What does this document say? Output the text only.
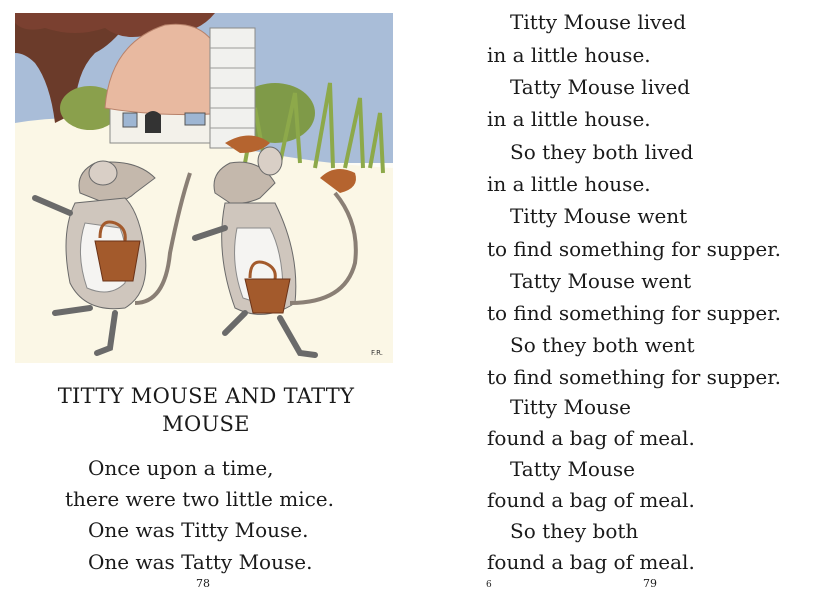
F.R.
TITTY MOUSE AND TATTY
MOUSE
Once upon a time,
there were two little mice.
One was Titty Mouse.
One was Tatty Mouse.
78
Titty Mouse lived
in a little house.
Tatty Mouse lived
in a little house.
So they both lived
in a little house.
Titty Mouse went
to find something for supper.
Tatty Mouse went
to find something for supper.
So they both went
to find something for supper.
Titty Mouse
found a bag of meal.
Tatty Mouse
found a bag of meal.
So they both
found a bag of meal.
6	79
